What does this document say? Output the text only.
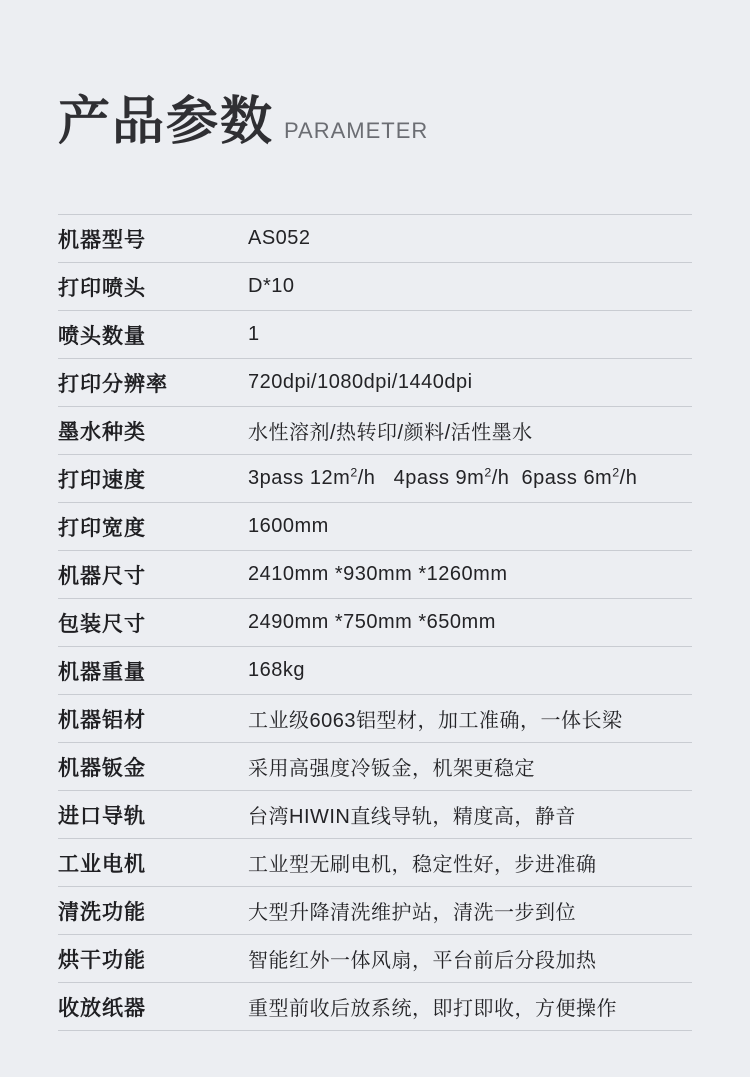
产品参数 PARAMETER
机器型号	AS052
打印喷头	D*10
喷头数量	1
打印分辨率	720dpi/1080dpi/1440dpi
墨水种类	水性溶剂/热转印/颜料/活性墨水
打印速度	3pass $12m^2/h$   4pass $9m^2/h$  6pass $6m^2/h$
打印宽度	1600mm
机器尺寸	2410mm *930mm *1260mm
包装尺寸	2490mm *750mm *650mm
机器重量	168kg
机器铝材	工业级6063铝型材，加工准确，一体长梁
机器钣金	采用高强度冷钣金，机架更稳定
进口导轨	台湾HIWIN直线导轨，精度高，静音
工业电机	工业型无刷电机，稳定性好，步进准确
清洗功能	大型升降清洗维护站，清洗一步到位
烘干功能	智能红外一体风扇，平台前后分段加热
收放纸器	重型前收后放系统，即打即收，方便操作
